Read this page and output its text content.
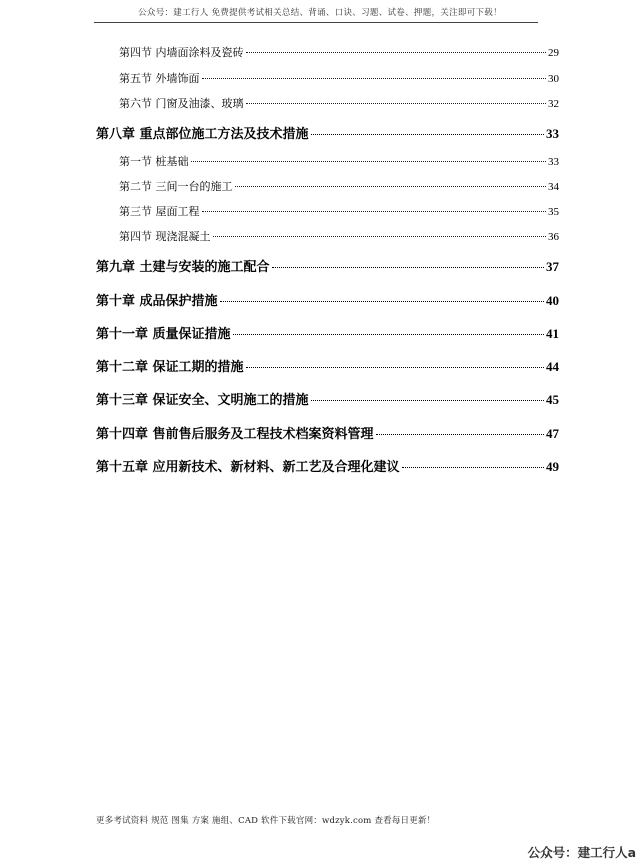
公众号：建工行人 免费提供考试相关总结、背诵、口诀、习题、试卷、押题，关注即可下载！
第四节 内墙面涂料及瓷砖	29
第五节 外墙饰面	30
第六节 门窗及油漆、玻璃	32
第八章 重点部位施工方法及技术措施	33
第一节 桩基础	33
第二节 三间一台的施工	34
第三节 屋面工程	35
第四节 现浇混凝土	36
第九章 土建与安装的施工配合	37
第十章 成品保护措施	40
第十一章 质量保证措施	41
第十二章 保证工期的措施	44
第十三章 保证安全、文明施工的措施	45
第十四章 售前售后服务及工程技术档案资料管理	47
第十五章 应用新技术、新材料、新工艺及合理化建议	49
更多考试资料 规范 图集 方案 施组、CAD 软件下载官网：wdzyk.com 查看每日更新！
公众号：建工行人a
